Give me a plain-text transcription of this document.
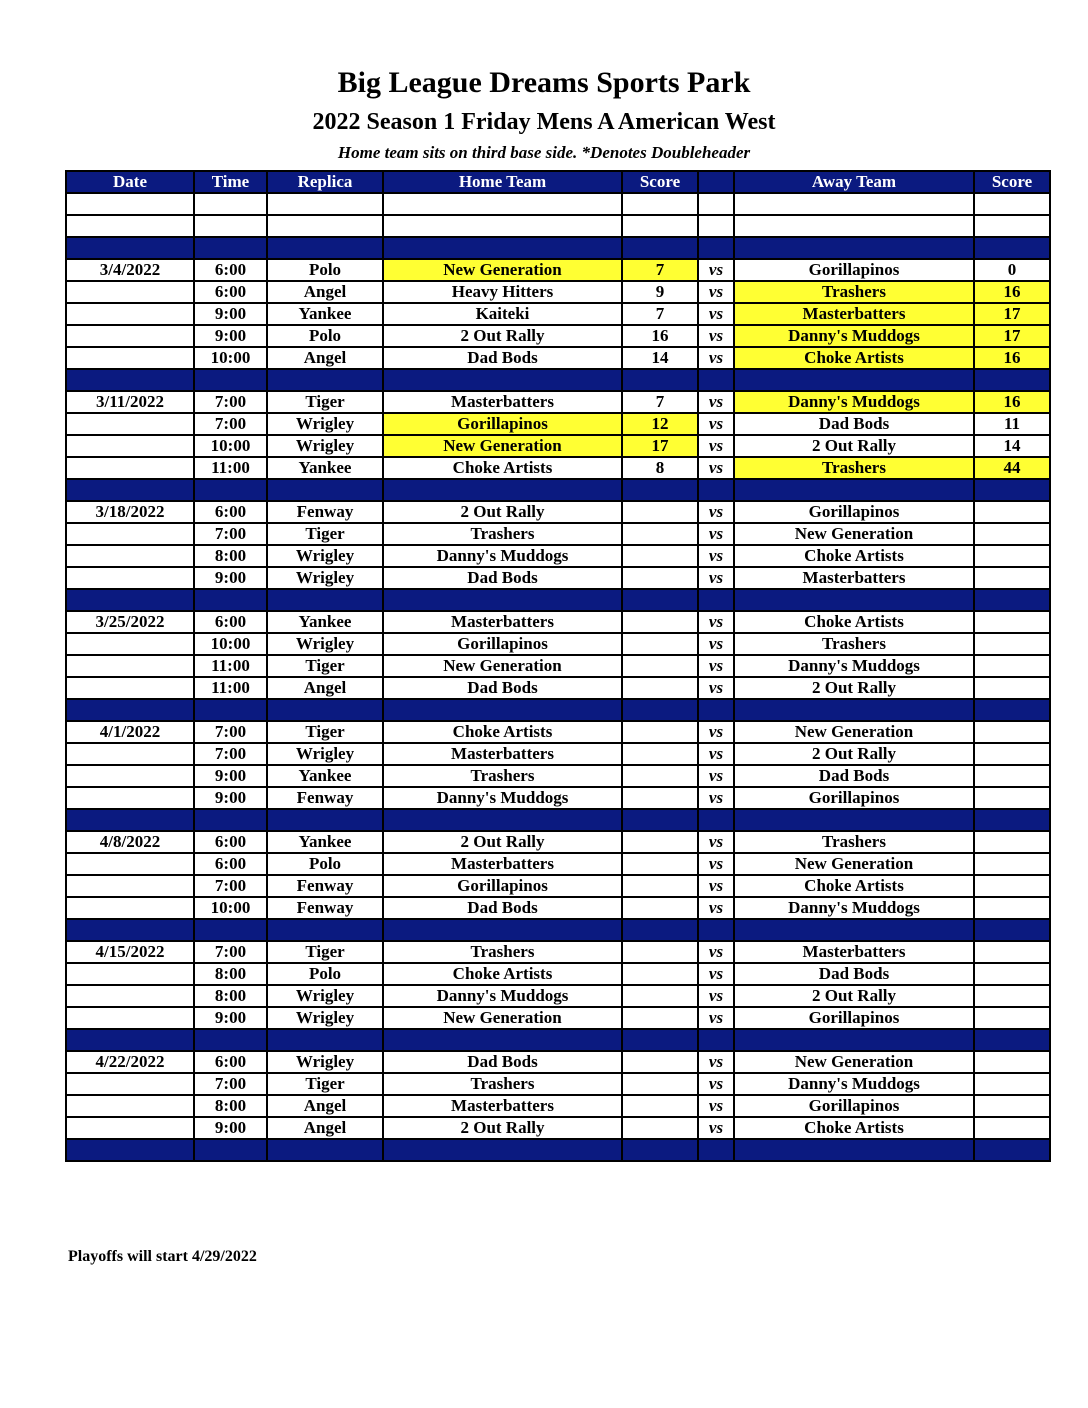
Big League Dreams Sports Park
2022 Season 1 Friday Mens A American West
Home team sits on third base side. *Denotes Doubleheader
Date	Time	Replica	Home Team	Score		Away Team	Score

3/4/2022	6:00	Polo	New Generation	7	vs	Gorillapinos	0
	6:00	Angel	Heavy Hitters	9	vs	Trashers	16
	9:00	Yankee	Kaiteki	7	vs	Masterbatters	17
	9:00	Polo	2 Out Rally	16	vs	Danny's Muddogs	17
	10:00	Angel	Dad Bods	14	vs	Choke Artists	16

3/11/2022	7:00	Tiger	Masterbatters	7	vs	Danny's Muddogs	16
	7:00	Wrigley	Gorillapinos	12	vs	Dad Bods	11
	10:00	Wrigley	New Generation	17	vs	2 Out Rally	14
	11:00	Yankee	Choke Artists	8	vs	Trashers	44

3/18/2022	6:00	Fenway	2 Out Rally		vs	Gorillapinos	
	7:00	Tiger	Trashers		vs	New Generation	
	8:00	Wrigley	Danny's Muddogs		vs	Choke Artists	
	9:00	Wrigley	Dad Bods		vs	Masterbatters	

3/25/2022	6:00	Yankee	Masterbatters		vs	Choke Artists	
	10:00	Wrigley	Gorillapinos		vs	Trashers	
	11:00	Tiger	New Generation		vs	Danny's Muddogs	
	11:00	Angel	Dad Bods		vs	2 Out Rally	

4/1/2022	7:00	Tiger	Choke Artists		vs	New Generation	
	7:00	Wrigley	Masterbatters		vs	2 Out Rally	
	9:00	Yankee	Trashers		vs	Dad Bods	
	9:00	Fenway	Danny's Muddogs		vs	Gorillapinos	

4/8/2022	6:00	Yankee	2 Out Rally		vs	Trashers	
	6:00	Polo	Masterbatters		vs	New Generation	
	7:00	Fenway	Gorillapinos		vs	Choke Artists	
	10:00	Fenway	Dad Bods		vs	Danny's Muddogs	

4/15/2022	7:00	Tiger	Trashers		vs	Masterbatters	
	8:00	Polo	Choke Artists		vs	Dad Bods	
	8:00	Wrigley	Danny's Muddogs		vs	2 Out Rally	
	9:00	Wrigley	New Generation		vs	Gorillapinos	

4/22/2022	6:00	Wrigley	Dad Bods		vs	New Generation	
	7:00	Tiger	Trashers		vs	Danny's Muddogs	
	8:00	Angel	Masterbatters		vs	Gorillapinos	
	9:00	Angel	2 Out Rally		vs	Choke Artists	

Playoffs will start 4/29/2022
